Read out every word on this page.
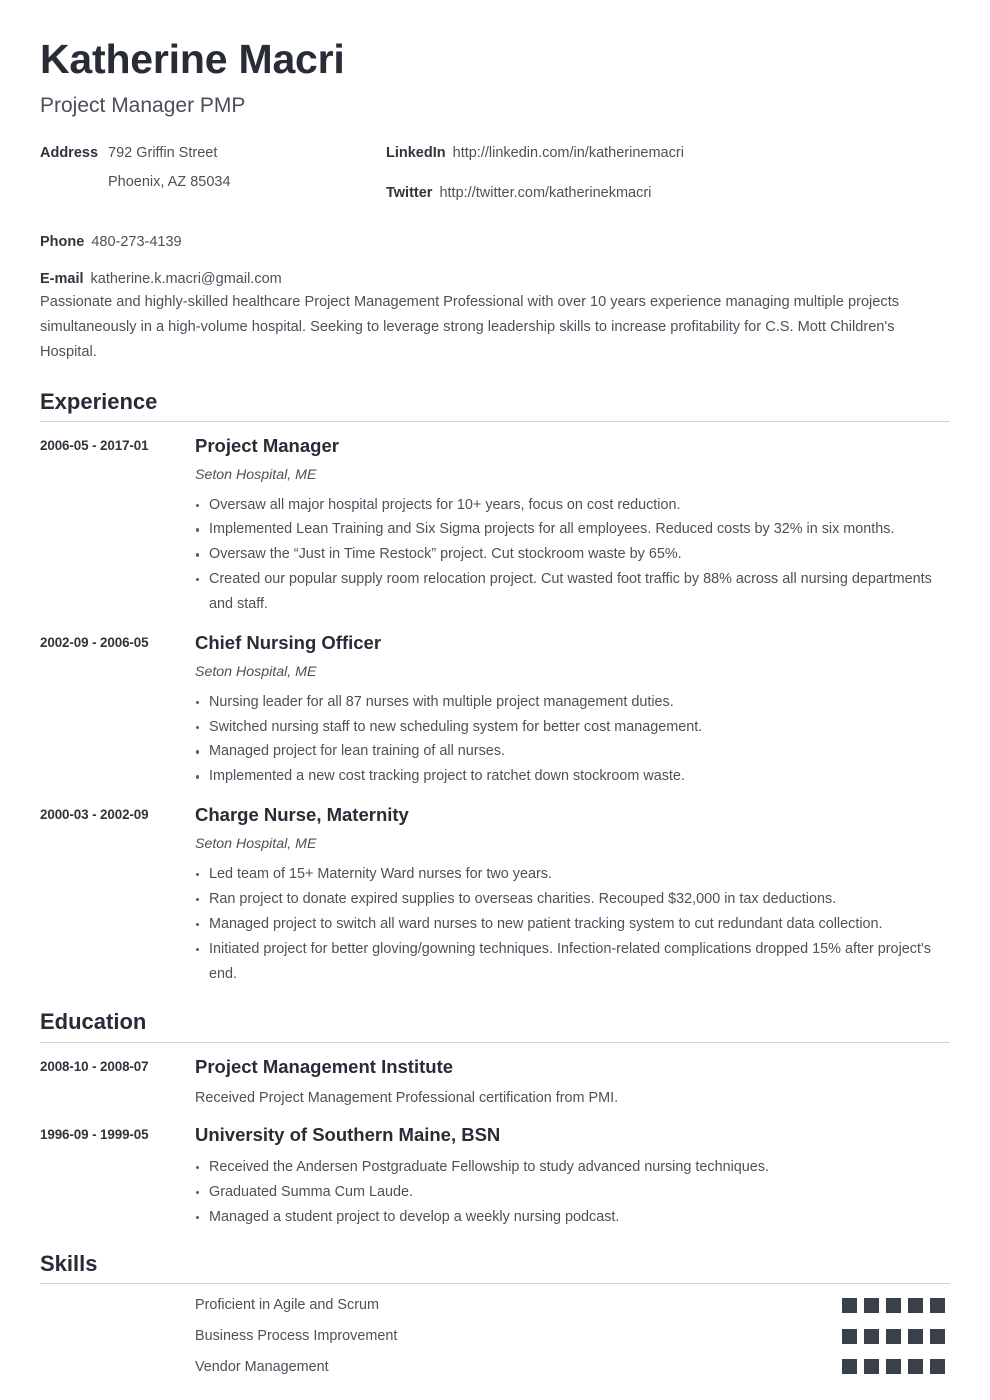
Katherine Macri
Project Manager PMP
Address 792 Griffin Street
Phoenix, AZ 85034
Phone 480-273-4139
E-mail katherine.k.macri@gmail.com
LinkedIn http://linkedin.com/in/katherinemacri
Twitter http://twitter.com/katherinekmacri

Passionate and highly-skilled healthcare Project Management Professional with over 10 years experience managing multiple projects simultaneously in a high-volume hospital. Seeking to leverage strong leadership skills to increase profitability for C.S. Mott Children's Hospital.

Experience
2006-05 - 2017-01	Project Manager
Seton Hospital, ME
Oversaw all major hospital projects for 10+ years, focus on cost reduction.
Implemented Lean Training and Six Sigma projects for all employees. Reduced costs by 32% in six months.
Oversaw the “Just in Time Restock” project. Cut stockroom waste by 65%.
Created our popular supply room relocation project. Cut wasted foot traffic by 88% across all nursing departments and staff.
2002-09 - 2006-05	Chief Nursing Officer
Seton Hospital, ME
Nursing leader for all 87 nurses with multiple project management duties.
Switched nursing staff to new scheduling system for better cost management.
Managed project for lean training of all nurses.
Implemented a new cost tracking project to ratchet down stockroom waste.
2000-03 - 2002-09	Charge Nurse, Maternity
Seton Hospital, ME
Led team of 15+ Maternity Ward nurses for two years.
Ran project to donate expired supplies to overseas charities. Recouped $32,000 in tax deductions.
Managed project to switch all ward nurses to new patient tracking system to cut redundant data collection.
Initiated project for better gloving/gowning techniques. Infection-related complications dropped 15% after project's end.
Education
2008-10 - 2008-07	Project Management Institute
Received Project Management Professional certification from PMI.
1996-09 - 1999-05	University of Southern Maine, BSN
Received the Andersen Postgraduate Fellowship to study advanced nursing techniques.
Graduated Summa Cum Laude.
Managed a student project to develop a weekly nursing podcast.
Skills
Proficient in Agile and Scrum
Business Process Improvement
Vendor Management
